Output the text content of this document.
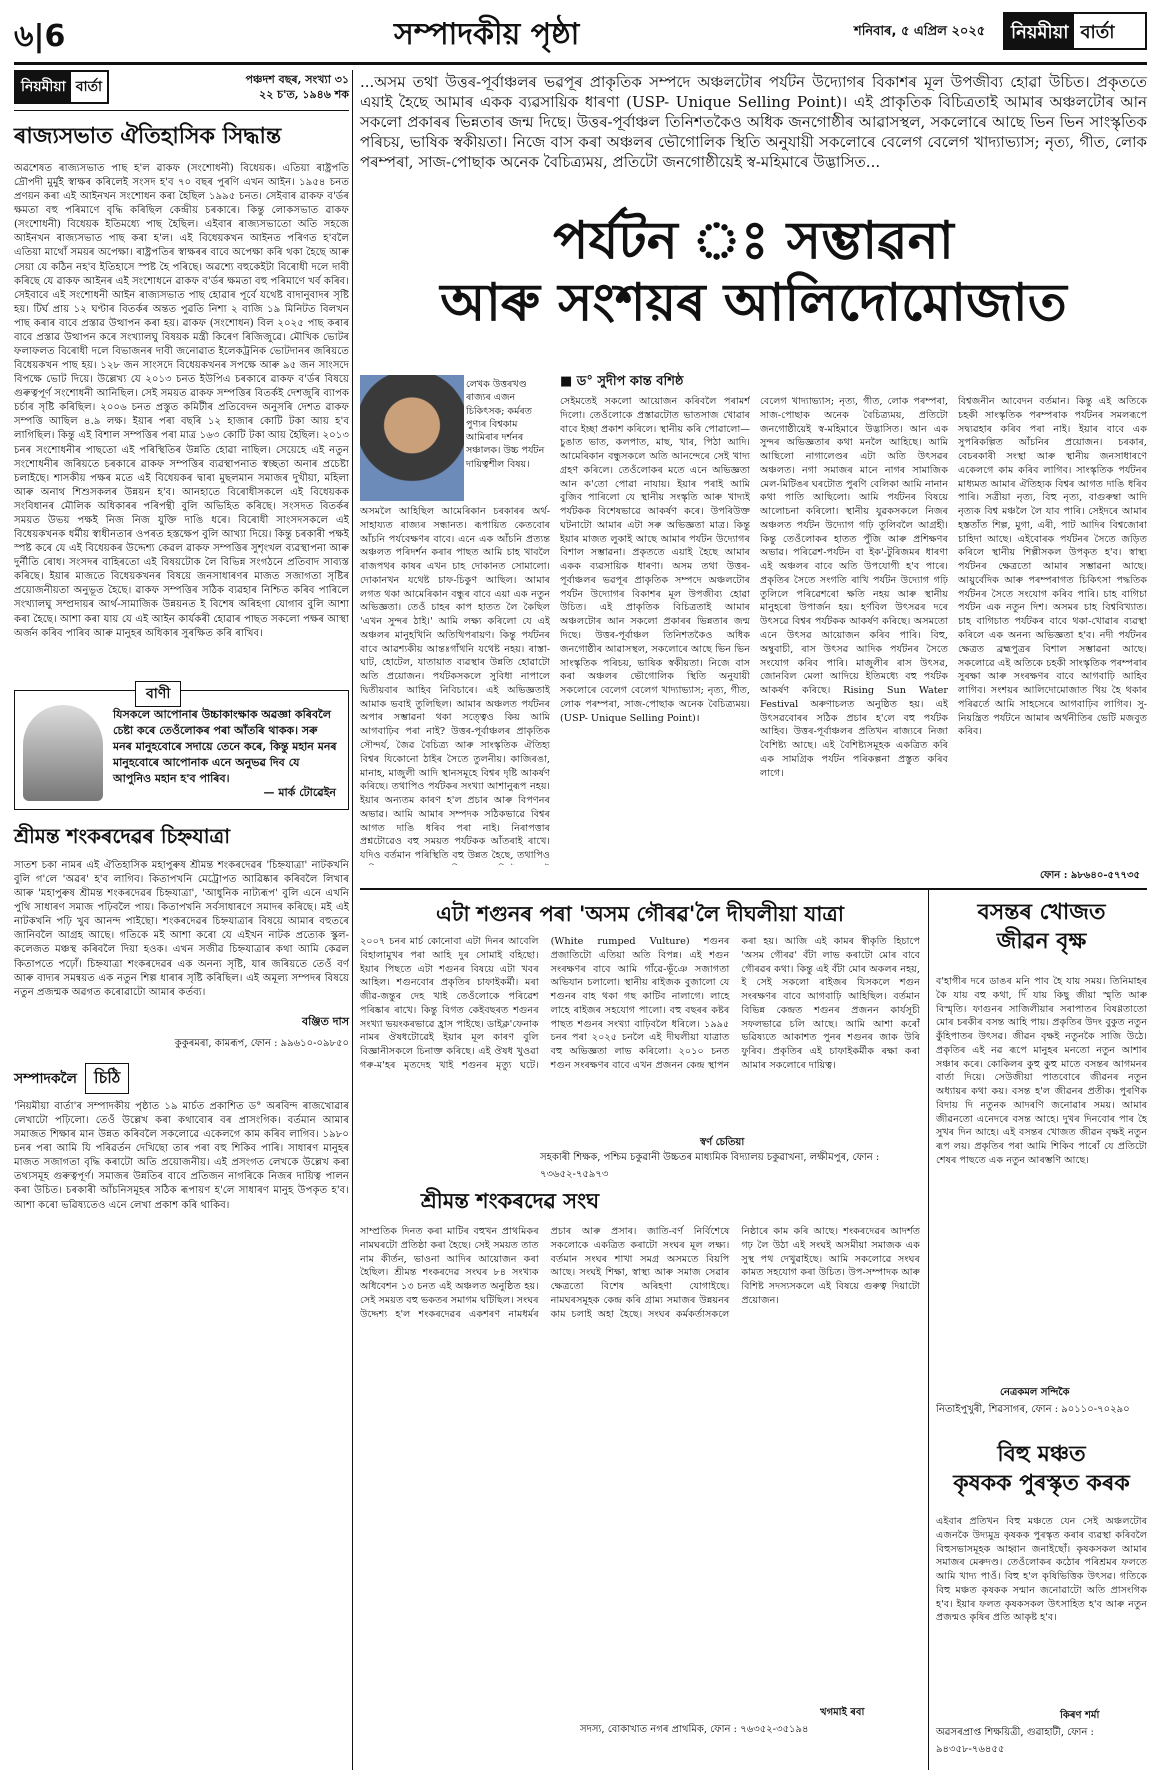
৬|6	সম্পাদকীয় পৃষ্ঠা	শনিবাৰ, ৫ এপ্ৰিল ২০২৫	নিয়মীয়া বাৰ্তা
নিয়মীয়া বাৰ্তা	পঞ্চদশ বছৰ, সংখ্যা ৩১
২২ চ'ত, ১৯৪৬ শক
ৰাজ্যসভাত ঐতিহাসিক সিদ্ধান্ত

অৱশেষত ৰাজ্যসভাত পাছ হ'ল ৱাকফ (সংশোধনী) বিধেয়ক। এতিয়া ৰাষ্ট্ৰপতি দ্ৰৌপদী মুৰ্মুই স্বাক্ষৰ কৰিলেই সংসদ হ'ব ৭০ বছৰ পুৰণি এখন আইন। ১৯৫৪ চনত প্ৰণয়ন কৰা এই আইনখন সংশোধন কৰা হৈছিল ১৯৯৫ চনত। সেইবাৰ ৱাকফ ব'ৰ্ডৰ ক্ষমতা বহু পৰিমাণে বৃদ্ধি কৰিছিল কেন্দ্ৰীয় চৰকাৰে। কিন্তু লোকসভাত ৱাকফ (সংশোধনী) বিধেয়ক ইতিমধ্যে পাছ হৈছিল। এইবাৰ ৰাজ্যসভাতো অতি সহজে আইনখন ৰাজ্যসভাত পাছ কৰা হ'ল। এই বিধেয়কখন আইনত পৰিণত হ'বলৈ এতিয়া মাথোঁ সময়ৰ অপেক্ষা। ৰাষ্ট্ৰপতিৰ স্বাক্ষৰৰ বাবে অপেক্ষা কৰি থকা হৈছে আৰু সেয়া যে কঠিন নহ'ব ইতিহাসে স্পষ্ট হৈ পৰিছে। অৱশ্যে বহুকেইটা বিৰোধী দলে দাবী কৰিছে যে ৱাকফ আইনৰ এই সংশোধনে ৱাকফ ব'ৰ্ডৰ ক্ষমতা বহু পৰিমাণে খৰ্ব কৰিব। সেইবাবে এই সংশোধনী আইন ৰাজ্যসভাত পাছ হোৱাৰ পূৰ্বে যথেষ্ট বাদানুবাদৰ সৃষ্টি হয়। টিৰ্ঘ প্ৰায় ১২ ঘণ্টাৰ বিতৰ্কৰ অন্তত পুৱতি নিশা ২ বাজি ১৯ মিনিটত বিলখন পাছ কৰাৰ বাবে প্ৰস্তাৱ উত্থাপন কৰা হয়। ৱাকফ (সংশোধন) বিল ২০২৫ পাছ কৰাৰ বাবে প্ৰস্তাৱ উত্থাপন কৰে সংখ্যালঘু বিষয়ক মন্ত্ৰী কিৰেণ ৰিজিজুৱে। মৌখিক ভোটৰ ফলাফলত বিৰোধী দলে বিভাজনৰ দাবী জনোৱাত ইলেকট্ৰনিক ভোটদানৰ জৰিয়তে বিধেয়কখন পাছ হয়। ১২৮ জন সাংসদে বিধেয়কখনৰ সপক্ষে আৰু ৯৫ জন সাংসদে বিপক্ষে ভোট দিয়ে। উল্লেখ্য যে ২০১৩ চনত ইউপিএ চৰকাৰে ৱাকফ ব'ৰ্ডৰ বিষয়ে গুৰুত্বপূৰ্ণ সংশোধনী আনিছিল। সেই সময়ত ৱাকফ সম্পত্তিৰ বিতৰ্কই দেশজুৰি ব্যাপক চৰ্চাৰ সৃষ্টি কৰিছিল। ২০০৬ চনত প্ৰস্তুত কমিটীৰ প্ৰতিবেদন অনুসৰি দেশত ৱাকফ সম্পত্তি আছিল ৪.৯ লক্ষ। ইয়াৰ পৰা বছৰি ১২ হাজাৰ কোটি টকা আয় হ'ব লাগিছিল। কিন্তু এই বিশাল সম্পত্তিৰ পৰা মাত্ৰ ১৬৩ কোটি টকা আয় হৈছিল। ২০১৩ চনৰ সংশোধনীৰ পাছতো এই পৰিস্থিতিৰ উন্নতি হোৱা নাছিল। সেয়েহে এই নতুন সংশোধনীৰ জৰিয়তে চৰকাৰে ৱাকফ সম্পত্তিৰ ব্যৱস্থাপনাত স্বচ্ছতা অনাৰ প্ৰচেষ্টা চলাইছে। শাসকীয় পক্ষৰ মতে এই বিধেয়কৰ দ্বাৰা মুছলমান সমাজৰ দুখীয়া, মহিলা আৰু অনাথ শিশুসকলৰ উন্নয়ন হ'ব। আনহাতে বিৰোধীসকলে এই বিধেয়কক সংবিধানৰ মৌলিক অধিকাৰৰ পৰিপন্থী বুলি অভিহিত কৰিছে। সংসদত বিতৰ্কৰ সময়ত উভয় পক্ষই নিজ নিজ যুক্তি দাঙি ধৰে। বিৰোধী সাংসদসকলে এই বিধেয়কখনক ধৰ্মীয় স্বাধীনতাৰ ওপৰত হস্তক্ষেপ বুলি আখ্যা দিয়ে। কিন্তু চৰকাৰী পক্ষই স্পষ্ট কৰে যে এই বিধেয়কৰ উদ্দেশ্য কেৱল ৱাকফ সম্পত্তিৰ সুশৃংখল ব্যৱস্থাপনা আৰু দুৰ্নীতি ৰোধ। সংসদৰ বাহিৰতো এই বিষয়টোক লৈ বিভিন্ন সংগঠনে প্ৰতিবাদ সাব্যস্ত কৰিছে। ইয়াৰ মাজতে বিধেয়কখনৰ বিষয়ে জনসাধাৰণৰ মাজত সজাগতা সৃষ্টিৰ প্ৰয়োজনীয়তা অনুভূত হৈছে। ৱাকফ সম্পত্তিৰ সঠিক ব্যৱহাৰ নিশ্চিত কৰিব পাৰিলে সংখ্যালঘু সম্প্ৰদায়ৰ আৰ্থ-সামাজিক উন্নয়নত ই বিশেষ অৰিহণা যোগাব বুলি আশা কৰা হৈছে। আশা কৰা যায় যে এই আইন কাৰ্যকৰী হোৱাৰ পাছত সকলো পক্ষৰ আস্থা অৰ্জন কৰিব পাৰিব আৰু মানুহৰ অধিকাৰ সুৰক্ষিত কৰি ৰাখিব।

বাণী
যিসকলে আপোনাৰ উচ্চাকাংক্ষাক অৱজ্ঞা কৰিবলৈ চেষ্টা কৰে তেওঁলোকৰ পৰা আঁতৰি থাকক। সৰু মনৰ মানুহবোৰে সদায়ে তেনে কৰে, কিন্তু মহান মনৰ মানুহবোৰে আপোনাক এনে অনুভৱ দিব যে আপুনিও মহান হ'ব পাৰিব।
— মাৰ্ক টোৱেইন
শ্ৰীমন্ত শংকৰদেৱৰ চিহ্নযাত্ৰা

সাতশ চকা নামৰ এই ঐতিহাসিক মহাপুৰুষ শ্ৰীমন্ত শংকৰদেৱৰ 'চিহ্নযাত্ৰা' নাটকখনি বুলি গ'লে 'অৱৰ' হ'ব লাগিব। কিতাপখনি মেট্ৰোপত আৱিষ্কাৰ কৰিবলৈ লিখাৰ আৰু 'মহাপুৰুষ শ্ৰীমন্ত শংকৰদেৱৰ চিহ্নযাত্ৰা', 'আধুনিক নাট্যৰূপ' বুলি এনে এখনি পুথি সাধাৰণ সমাজ পঢ়িবলৈ পায়। কিতাপখনি সৰ্বসাধাৰণে সমাদৰ কৰিছে। মই এই নাটকখনি পঢ়ি খুব আনন্দ পাইছো। শংকৰদেৱৰ চিহ্নযাত্ৰাৰ বিষয়ে আমাৰ বহুতৰে জানিবলৈ আগ্ৰহ আছে। গতিকে মই আশা কৰো যে এইখন নাটক প্ৰত্যেক স্কুল-কলেজত মঞ্চস্থ কৰিবলৈ দিয়া হওক। এখন সজীৱ চিহ্নযাত্ৰাৰ কথা আমি কেৱল কিতাপতে পঢ়োঁ। চিহ্নযাত্ৰা শংকৰদেৱৰ এক অনন্য সৃষ্টি, যাৰ জৰিয়তে তেওঁ বৰ্ণ আৰু বাদ্যৰ সমন্বয়ত এক নতুন শিল্প ধাৰাৰ সৃষ্টি কৰিছিল। এই অমূল্য সম্পদৰ বিষয়ে নতুন প্ৰজন্মক অৱগত কৰোৱাটো আমাৰ কৰ্তব্য।

বঞ্জিত দাস
কুকুৰমৰা, কামৰূপ, ফোন : ৯৯৬১০-০৯৮৫০
সম্পাদকলৈ	চিঠি

'নিয়মীয়া বাৰ্তা'ৰ সম্পাদকীয় পৃষ্ঠাত ১৯ মাৰ্চত প্ৰকাশিত ড° অৰবিন্দ ৰাজখোৱাৰ লেখাটো পঢ়িলো। তেওঁ উল্লেখ কৰা কথাবোৰ বৰ প্ৰাসংগিক। বৰ্তমান আমাৰ সমাজত শিক্ষাৰ মান উন্নত কৰিবলৈ সকলোৱে একেলগে কাম কৰিব লাগিব। ১৯৮০ চনৰ পৰা আমি যি পৰিৱৰ্তন দেখিছো তাৰ পৰা বহু শিকিব পাৰি। সাধাৰণ মানুহৰ মাজত সজাগতা বৃদ্ধি কৰাটো অতি প্ৰয়োজনীয়। এই প্ৰসংগত লেখকে উল্লেখ কৰা তথ্যসমূহ গুৰুত্বপূৰ্ণ। সমাজৰ উন্নতিৰ বাবে প্ৰতিজন নাগৰিকে নিজৰ দায়িত্ব পালন কৰা উচিত। চৰকাৰী আঁচনিসমূহৰ সঠিক ৰূপায়ণ হ'লে সাধাৰণ মানুহ উপকৃত হ'ব। আশা কৰো ভৱিষ্যতেও এনে লেখা প্ৰকাশ কৰি থাকিব।

...অসম তথা উত্তৰ-পূৰ্বাঞ্চলৰ ভৱপূৰ প্ৰাকৃতিক সম্পদে অঞ্চলটোৰ পৰ্যটন উদ্যোগৰ বিকাশৰ মূল উপজীব্য হোৱা উচিত। প্ৰকৃততে এয়াই হৈছে আমাৰ একক ব্যৱসায়িক ধাৰণা (USP- Unique Selling Point)। এই প্ৰাকৃতিক বিচিত্ৰতাই আমাৰ অঞ্চলটোৰ আন সকলো প্ৰকাৰৰ ভিন্নতাৰ জন্ম দিছে। উত্তৰ-পূৰ্বাঞ্চল তিনিশতকৈও অধিক জনগোষ্ঠীৰ আৱাসস্থল, সকলোৰে আছে ভিন ভিন সাংস্কৃতিক পৰিচয়, ভাষিক স্বকীয়তা। নিজে বাস কৰা অঞ্চলৰ ভৌগোলিক স্থিতি অনুযায়ী সকলোৰে বেলেগ বেলেগ খাদ্যাভ্যাস; নৃত্য, গীত, লোক পৰম্পৰা, সাজ-পোছাক অনেক বৈচিত্ৰ্যময়, প্ৰতিটো জনগোষ্ঠীয়েই স্ব-মহিমাৰে উদ্ভাসিত...
পৰ্যটন ঃ সম্ভাৱনা
আৰু সংশয়ৰ আলিদোমোজাত
■ ড° সুদীপ কান্ত বশিষ্ঠ
লেখক উত্তৰখণ্ড ৰাজ্যৰ এজন চিকিৎসক; কৰ্মৰত পুণ্যৰ বিশ্বকাম আমিৰাৰ দৰ্শনৰ সঞ্চালক। উচ্চ পৰ্যটন দায়িত্বশীল বিষয়।
অসমলৈ আহিছিল আমেৰিকান চৰকাৰৰ অৰ্থ-সাহায্যত ৰাজ্যৰ সন্ধানত। ৰূপায়িত কেতবোৰ আঁচনি পৰ্যবেক্ষণৰ বাবে। এনে এক আঁচনি প্ৰত্যন্ত অঞ্চলত পৰিদৰ্শন কৰাৰ পাছত আমি চাহ খাবলৈ ৰাজপথৰ কাষৰ এখন চাহ দোকানত সোমালো। দোকানখন যথেষ্ট চাফ-চিকুণ আছিল। আমাৰ লগত থকা আমেৰিকান বন্ধুৰ বাবে এয়া এক নতুন অভিজ্ঞতা। তেওঁ চাহৰ কাপ হাতত লৈ কৈছিল 'এখন সুন্দৰ ঠাই।' আমি লক্ষ্য কৰিলো যে এই অঞ্চলৰ মানুহখিনি অতিথিপৰায়ণ। কিন্তু পৰ্যটনৰ বাবে আৱশ্যকীয় আন্তঃগাঁথনি যথেষ্ট নহয়। ৰাস্তা-ঘাট, হোটেল, যাতায়াত ব্যৱস্থাৰ উন্নতি হোৱাটো অতি প্ৰয়োজন। পৰ্যটকসকলে সুবিধা নাপালে দ্বিতীয়বাৰ আহিব নিবিচাৰে। এই অভিজ্ঞতাই আমাক ভবাই তুলিছিল। আমাৰ অঞ্চলত পৰ্যটনৰ অপাৰ সম্ভাৱনা থকা সত্ত্বেও কিয় আমি আগবাঢ়িব পৰা নাই? উত্তৰ-পূৰ্বাঞ্চলৰ প্ৰাকৃতিক সৌন্দৰ্য, জৈৱ বৈচিত্ৰ্য আৰু সাংস্কৃতিক ঐতিহ্য বিশ্বৰ যিকোনো ঠাইৰ সৈতে তুলনীয়। কাজিৰঙা, মানাহ, মাজুলী আদি স্থানসমূহে বিশ্বৰ দৃষ্টি আকৰ্ষণ কৰিছে। তথাপিও পৰ্যটকৰ সংখ্যা আশানুৰূপ নহয়। ইয়াৰ অন্যতম কাৰণ হ'ল প্ৰচাৰ আৰু বিপণনৰ অভাৱ। আমি আমাৰ সম্পদক সঠিকভাৱে বিশ্বৰ আগত দাঙি ধৰিব পৰা নাই। নিৰাপত্তাৰ প্ৰশ্নটোৱেও বহু সময়ত পৰ্যটকক আঁতৰাই ৰাখে। যদিও বৰ্তমান পৰিস্থিতি বহু উন্নত হৈছে, তথাপিও
সেইমতেই সকলো আয়োজন কৰিবলৈ পৰামৰ্শ দিলো। তেওঁলোকে প্ৰস্তাৱটোত ভাতসাজ খোৱাৰ বাবে ইচ্ছা প্ৰকাশ কৰিলে। স্থানীয় কৰি পোৱালো—চুঙাত ভাত, কলপাত, মাছ, খাৰ, পিঠা আদি। আমেৰিকান বন্ধুসকলে অতি আনন্দেৰে সেই খাদ্য গ্ৰহণ কৰিলে। তেওঁলোকৰ মতে এনে অভিজ্ঞতা আন ক'তো পোৱা নাযায়। ইয়াৰ পৰাই আমি বুজিব পাৰিলো যে স্থানীয় সংস্কৃতি আৰু খাদ্যই পৰ্যটকক বিশেষভাৱে আকৰ্ষণ কৰে। উপৰিউক্ত ঘটনাটো আমাৰ এটা সৰু অভিজ্ঞতা মাত্ৰ। কিন্তু ইয়াৰ মাজত লুকাই আছে আমাৰ পৰ্যটন উদ্যোগৰ বিশাল সম্ভাৱনা। প্ৰকৃততে এয়াই হৈছে আমাৰ একক ব্যৱসায়িক ধাৰণা। অসম তথা উত্তৰ-পূৰ্বাঞ্চলৰ ভৱপূৰ প্ৰাকৃতিক সম্পদে অঞ্চলটোৰ পৰ্যটন উদ্যোগৰ বিকাশৰ মূল উপজীব্য হোৱা উচিত। এই প্ৰাকৃতিক বিচিত্ৰতাই আমাৰ অঞ্চলটোৰ আন সকলো প্ৰকাৰৰ ভিন্নতাৰ জন্ম দিছে। উত্তৰ-পূৰ্বাঞ্চল তিনিশতকৈও অধিক জনগোষ্ঠীৰ আৱাসস্থল, সকলোৰে আছে ভিন ভিন সাংস্কৃতিক পৰিচয়, ভাষিক স্বকীয়তা। নিজে বাস কৰা অঞ্চলৰ ভৌগোলিক স্থিতি অনুযায়ী সকলোৰে বেলেগ বেলেগ খাদ্যাভ্যাস; নৃত্য, গীত, লোক পৰম্পৰা, সাজ-পোছাক অনেক বৈচিত্ৰ্যময়। (USP- Unique Selling Point)।
বেলেগ খাদ্যাভ্যাস; নৃত্য, গীত, লোক পৰম্পৰা, সাজ-পোছাক অনেক বৈচিত্ৰ্যময়, প্ৰতিটো জনগোষ্ঠীয়েই স্ব-মহিমাৰে উদ্ভাসিত। আন এক সুন্দৰ অভিজ্ঞতাৰ কথা মনলৈ আহিছে। আমি আছিলো নাগালেণ্ডৰ এটা অতি উৎসৱৰ অঞ্চলত। নগা সমাজৰ মানে নাগৰ সামাজিক মেল-মিটিঙৰ ঘৰটোত পুৰণি বেলিকা আমি নানান কথা পাতি আছিলো। আমি পৰ্যটনৰ বিষয়ে আলোচনা কৰিলো। স্থানীয় যুৱকসকলে নিজৰ অঞ্চলত পৰ্যটন উদ্যোগ গঢ়ি তুলিবলৈ আগ্ৰহী। কিন্তু তেওঁলোকৰ হাতত পুঁজি আৰু প্ৰশিক্ষণৰ অভাৱ। পৰিৱেশ-পৰ্যটন বা ইক'-টুৰিজমৰ ধাৰণা এই অঞ্চলৰ বাবে অতি উপযোগী হ'ব পাৰে। প্ৰকৃতিৰ সৈতে সংগতি ৰাখি পৰ্যটন উদ্যোগ গঢ়ি তুলিলে পৰিৱেশৰো ক্ষতি নহয় আৰু স্থানীয় মানুহৰো উপাৰ্জন হয়। হৰ্ণবিল উৎসৱৰ দৰে উৎসৱে বিশ্বৰ পৰ্যটকক আকৰ্ষণ কৰিছে। অসমতো এনে উৎসৱ আয়োজন কৰিব পাৰি। বিহু, অম্বুবাচী, ৰাস উৎসৱ আদিক পৰ্যটনৰ সৈতে সংযোগ কৰিব পাৰি। মাজুলীৰ ৰাস উৎসৱ, জোনবিল মেলা আদিয়ে ইতিমধ্যে বহু পৰ্যটক আকৰ্ষণ কৰিছে। Rising Sun Water Festival অৰুণাচলত অনুষ্ঠিত হয়। এই উৎসৱবোৰৰ সঠিক প্ৰচাৰ হ'লে বহু পৰ্যটক আহিব। উত্তৰ-পূৰ্বাঞ্চলৰ প্ৰতিখন ৰাজ্যৰে নিজা বৈশিষ্ট্য আছে। এই বৈশিষ্ট্যসমূহক একত্ৰিত কৰি এক সামগ্ৰিক পৰ্যটন পৰিকল্পনা প্ৰস্তুত কৰিব লাগে।
বিশ্বজনীন আবেদন বৰ্তমান। কিন্তু এই অতিকে চহকী সাংস্কৃতিক পৰম্পৰাক পৰ্যটনৰ সমলৰূপে সদ্ব্যৱহাৰ কৰিব পৰা নাই। ইয়াৰ বাবে এক সুপৰিকল্পিত আঁচনিৰ প্ৰয়োজন। চৰকাৰ, বেচৰকাৰী সংস্থা আৰু স্থানীয় জনসাধাৰণে একেলগে কাম কৰিব লাগিব। সাংস্কৃতিক পৰ্যটনৰ মাধ্যমত আমাৰ ঐতিহ্যক বিশ্বৰ আগত দাঙি ধৰিব পাৰি। সত্ৰীয়া নৃত্য, বিহু নৃত্য, বাগুৰুম্বা আদি নৃত্যক বিশ্ব মঞ্চলৈ লৈ যাব পাৰি। সেইদৰে আমাৰ হস্ততাঁত শিল্প, মুগা, এৰী, পাট আদিৰ বিশ্বজোৰা চাহিদা আছে। এইবোৰক পৰ্যটনৰ সৈতে জড়িত কৰিলে স্থানীয় শিল্পীসকল উপকৃত হ'ব। স্বাস্থ্য পৰ্যটনৰ ক্ষেত্ৰতো আমাৰ সম্ভাৱনা আছে। আয়ুৰ্বেদিক আৰু পৰম্পৰাগত চিকিৎসা পদ্ধতিক পৰ্যটনৰ সৈতে সংযোগ কৰিব পাৰি। চাহ বাগিচা পৰ্যটন এক নতুন দিশ। অসমৰ চাহ বিশ্ববিখ্যাত। চাহ বাগিচাত পৰ্যটকৰ বাবে থকা-খোৱাৰ ব্যৱস্থা কৰিলে এক অনন্য অভিজ্ঞতা হ'ব। নদী পৰ্যটনৰ ক্ষেত্ৰত ব্ৰহ্মপুত্ৰৰ বিশাল সম্ভাৱনা আছে। সকলোৱে এই অতিকে চহকী সাংস্কৃতিক পৰম্পৰাৰ সুৰক্ষা আৰু সংৰক্ষণৰ বাবে আগবাঢ়ি আহিব লাগিব। সংশয়ৰ আলিদোমোজাত থিয় হৈ থকাৰ পৰিৱৰ্তে আমি সাহসেৰে আগবাঢ়িব লাগিব। সু-নিয়ন্ত্ৰিত পৰ্যটনে আমাৰ অৰ্থনীতিৰ ভেটি মজবুত কৰিব।
ফোন : ৯৮৬৪০-৫৭৭৩৫
এটা শগুনৰ পৰা 'অসম গৌৰৱ'লৈ দীঘলীয়া যাত্ৰা
২০০৭ চনৰ মাৰ্চ কোনোবা এটা দিনৰ আবেলি বিহালামুখৰ পৰা আহি দুৰ সোমাই বহিছো। ইয়াৰ পিছতে এটা শগুনৰ বিষয়ে এটা খবৰ আহিল। শগুনবোৰ প্ৰকৃতিৰ চাফাইকৰ্মী। মৰা জীৱ-জন্তুৰ দেহ খাই তেওঁলোকে পৰিৱেশ পৰিষ্কাৰ ৰাখে। কিন্তু বিগত কেইবছৰত শগুনৰ সংখ্যা ভয়ংকৰভাৱে হ্ৰাস পাইছে। ডাইক্ল'ফেনাক নামৰ ঔষধটোৱেই ইয়াৰ মূল কাৰণ বুলি বিজ্ঞানীসকলে চিনাক্ত কৰিছে। এই ঔষধ খুওৱা গৰু-ম'হৰ মৃতদেহ খাই শগুনৰ মৃত্যু ঘটে। (White rumped Vulture) শগুনৰ প্ৰজাতিটো এতিয়া অতি বিপন্ন। এই শগুন সংৰক্ষণৰ বাবে আমি গাঁৱে-ভূঁঞে সজাগতা অভিযান চলালো। স্থানীয় ৰাইজক বুজালো যে শগুনৰ বাহ থকা গছ কাটিব নালাগে। লাহে লাহে ৰাইজৰ সহযোগ পালো। বহু বছৰৰ কষ্টৰ পাছত শগুনৰ সংখ্যা বাঢ়িবলৈ ধৰিলে। ১৯৯৫ চনৰ পৰা ২০২৫ চনলৈ এই দীঘলীয়া যাত্ৰাত বহু অভিজ্ঞতা লাভ কৰিলো। ২০১০ চনত শগুন সংৰক্ষণৰ বাবে এখন প্ৰজনন কেন্দ্ৰ স্থাপন কৰা হয়। আজি এই কামৰ স্বীকৃতি হিচাপে 'অসম গৌৰৱ' বঁটা লাভ কৰাটো মোৰ বাবে গৌৰৱৰ কথা। কিন্তু এই বঁটা মোৰ অকলৰ নহয়, ই সেই সকলো ৰাইজৰ যিসকলে শগুন সংৰক্ষণৰ বাবে আগবাঢ়ি আহিছিল। বৰ্তমান বিভিন্ন কেন্দ্ৰত শগুনৰ প্ৰজনন কাৰ্যসূচী সফলভাৱে চলি আছে। আমি আশা কৰোঁ ভৱিষ্যতে আকাশত পুনৰ শগুনৰ জাক উৰি ফুৰিব। প্ৰকৃতিৰ এই চাফাইকৰ্মীক ৰক্ষা কৰা আমাৰ সকলোৰে দায়িত্ব।
স্বৰ্ণ চেতিয়া
সহকাৰী শিক্ষক, পশ্চিম চকুৱানী উচ্চতৰ মাধ্যমিক বিদ্যালয় চকুৱাখনা, লক্ষীমপুৰ, ফোন : ৭৩৬৫২-৭৫৯৭৩
শ্ৰীমন্ত শংকৰদেৱ সংঘ
সাম্প্ৰতিক দিনত কৰা মাটিৰ বহুখন প্ৰাথমিকৰ নামঘৰটো প্ৰতিষ্ঠা কৰা হৈছে। সেই সময়ত তাত নাম কীৰ্তন, ভাওনা আদিৰ আয়োজন কৰা হৈছিল। শ্ৰীমন্ত শংকৰদেৱ সংঘৰ ৮৪ সংখ্যক অধিবেশন ১৩ চনত এই অঞ্চলত অনুষ্ঠিত হয়। সেই সময়ত বহু ভকতৰ সমাগম ঘটিছিল। সংঘৰ উদ্দেশ্য হ'ল শংকৰদেৱৰ একশৰণ নামধৰ্মৰ প্ৰচাৰ আৰু প্ৰসাৰ। জাতি-বৰ্ণ নিৰ্বিশেষে সকলোকে একত্ৰিত কৰাটো সংঘৰ মূল লক্ষ্য। বৰ্তমান সংঘৰ শাখা সমগ্ৰ অসমতে বিয়পি আছে। সংঘই শিক্ষা, স্বাস্থ্য আৰু সমাজ সেৱাৰ ক্ষেত্ৰতো বিশেষ অৰিহণা যোগাইছে। নামঘৰসমূহক কেন্দ্ৰ কৰি গ্ৰাম্য সমাজৰ উন্নয়নৰ কাম চলাই অহা হৈছে। সংঘৰ কৰ্মকৰ্তাসকলে নিষ্ঠাৰে কাম কৰি আছে। শংকৰদেৱৰ আদৰ্শত গঢ় লৈ উঠা এই সংঘই অসমীয়া সমাজক এক সুস্থ পথ দেখুৱাইছে। আমি সকলোৱে সংঘৰ কামত সহযোগ কৰা উচিত। উপ-সম্পাদক আৰু বিশিষ্ট সদস্যসকলে এই বিষয়ে গুৰুত্ব দিয়াটো প্ৰয়োজন।
খগমাই ৰবা
সদস্য, বোকাখাত নগৰ প্ৰাথমিক, ফোন : ৭৬৩৫২-৩৫১৯৪
বসন্তৰ খোজত
জীৱন বৃক্ষ
ব'হাগীৰ দৰে ডাঙৰ মনি পাব হৈ যায় সময়। তিনিমাহৰ কৈ যায় বহু কথা, দিঁ যায় কিছু জীয়া স্মৃতি আৰু বিস্মৃতি। ফাগুনৰ সাজিলীয়াৰ সৰাপাতৰ বিষণ্ণতাতো মোৰ চৰকীৰ বসন্ত আহি পায়। প্ৰকৃতিৰ উদং বুকুত নতুন কুঁহিপাতৰ উৎসৱ। জীৱন বৃক্ষই নতুনকৈ সাজি উঠে। প্ৰকৃতিৰ এই নৱ ৰূপে মানুহৰ মনতো নতুন আশাৰ সঞ্চাৰ কৰে। কোকিলৰ কুহু কুহু মাতে বসন্তৰ আগমনৰ বাৰ্তা দিয়ে। সেউজীয়া পাতবোৰে জীৱনৰ নতুন অধ্যায়ৰ কথা কয়। বসন্ত হ'ল জীৱনৰ প্ৰতীক। পুৰণিক বিদায় দি নতুনক আদৰণি জনোৱাৰ সময়। আমাৰ জীৱনতো এনেদৰে বসন্ত আহে। দুখৰ দিনবোৰ পাৰ হৈ সুখৰ দিন আহে। এই বসন্তৰ খোজত জীৱন বৃক্ষই নতুন ৰূপ লয়। প্ৰকৃতিৰ পৰা আমি শিকিব পাৰোঁ যে প্ৰতিটো শেষৰ পাছতে এক নতুন আৰম্ভণি আছে।
নেত্ৰকমল সন্দিকৈ
নিতাইপুখুৰী, শিৱসাগৰ, ফোন : ৯০১১০-৭০২৯০
বিহু মঞ্চত
কৃষকক পুৰস্কৃত কৰক
এইবাৰ প্ৰতিখন বিহু মঞ্চতে যেন সেই অঞ্চলটোৰ এজনকৈ উদ্যমুদ্ৰ কৃষকক পুৰস্কৃত কৰাৰ ব্যৱস্থা কৰিবলৈ বিহুসভাসমূহক আহ্বান জনাইছোঁ। কৃষকসকল আমাৰ সমাজৰ মেৰুদণ্ড। তেওঁলোকৰ কঠোৰ পৰিশ্ৰমৰ ফলতে আমি খাদ্য পাওঁ। বিহু হ'ল কৃষিভিত্তিক উৎসৱ। গতিকে বিহু মঞ্চত কৃষকক সন্মান জনোৱাটো অতি প্ৰাসংগিক হ'ব। ইয়াৰ ফলত কৃষকসকল উৎসাহিত হ'ব আৰু নতুন প্ৰজন্মও কৃষিৰ প্ৰতি আকৃষ্ট হ'ব।
কিৰণ শৰ্মা
অৱসৰপ্ৰাপ্ত শিক্ষয়িত্ৰী, গুৱাহাটী, ফোন : ৯৪৩৫৮-৭৬৪৫৫
